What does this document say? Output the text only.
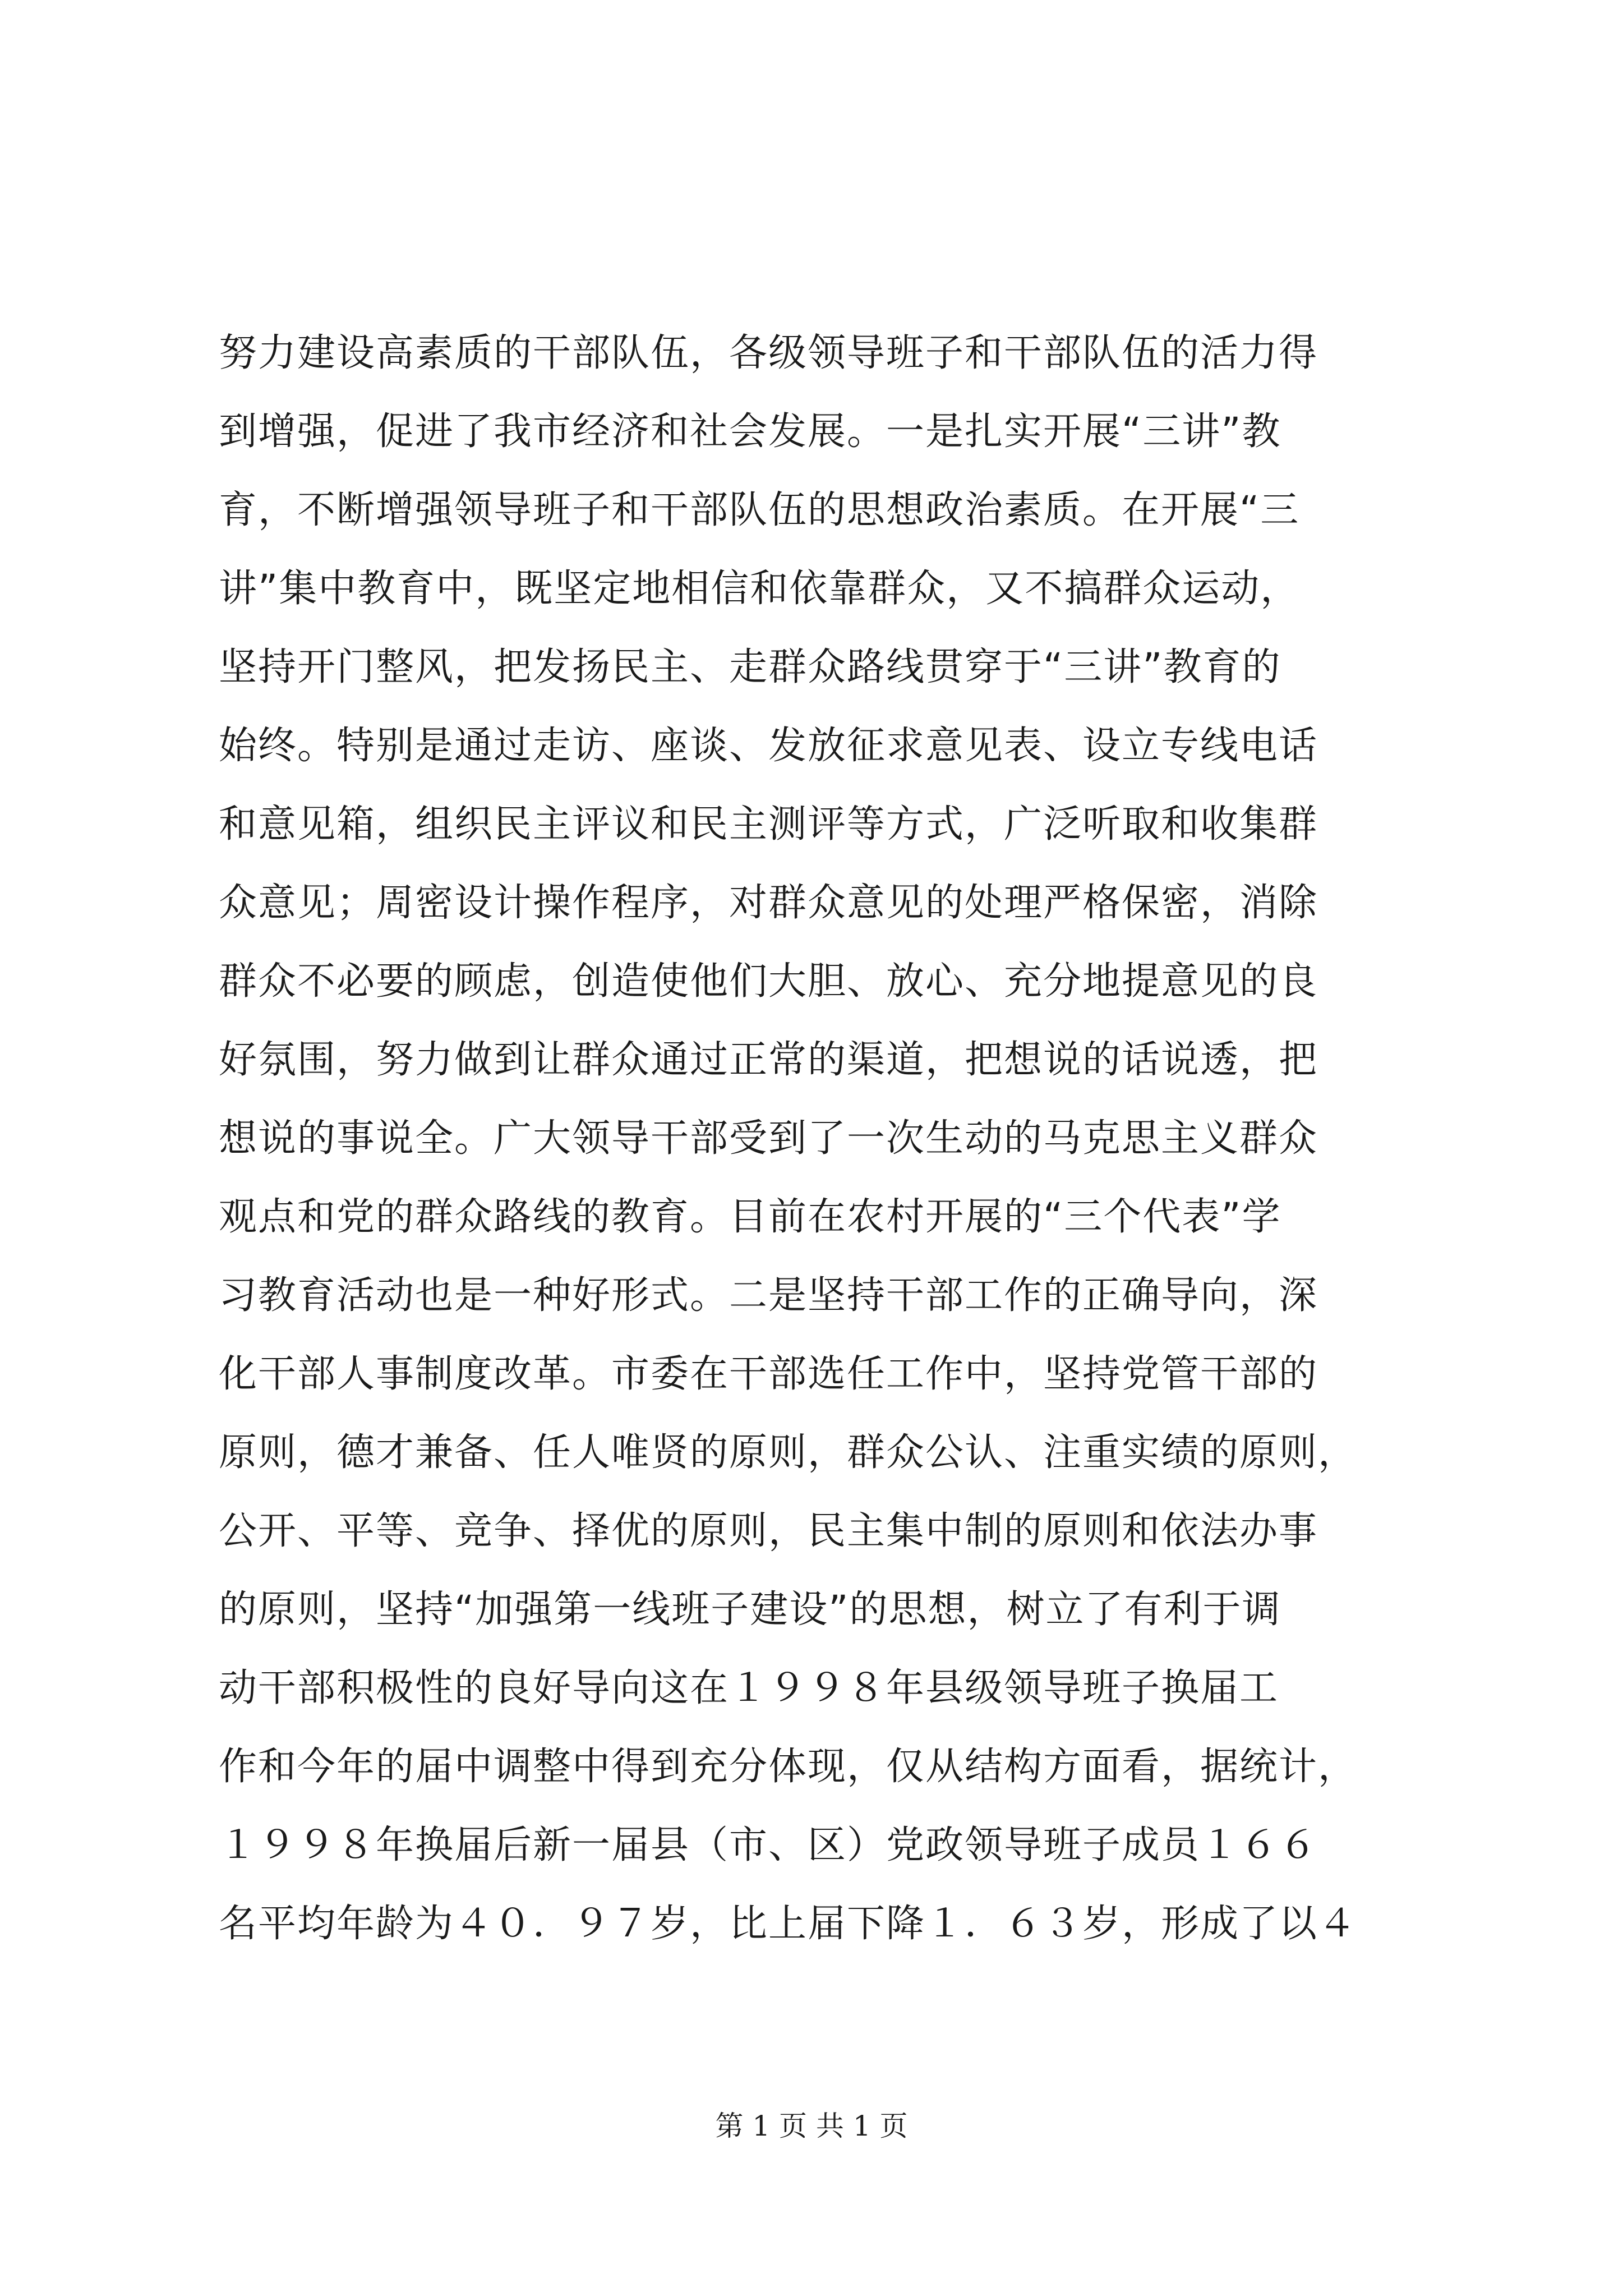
努力建设高素质的干部队伍，各级领导班子和干部队伍的活力得
到增强，促进了我市经济和社会发展。一是扎实开展“三讲”教
育，不断增强领导班子和干部队伍的思想政治素质。在开展“三
讲”集中教育中，既坚定地相信和依靠群众，又不搞群众运动，
坚持开门整风，把发扬民主、走群众路线贯穿于“三讲”教育的
始终。特别是通过走访、座谈、发放征求意见表、设立专线电话
和意见箱，组织民主评议和民主测评等方式，广泛听取和收集群
众意见；周密设计操作程序，对群众意见的处理严格保密，消除
群众不必要的顾虑，创造使他们大胆、放心、充分地提意见的良
好氛围，努力做到让群众通过正常的渠道，把想说的话说透，把
想说的事说全。广大领导干部受到了一次生动的马克思主义群众
观点和党的群众路线的教育。目前在农村开展的“三个代表”学
习教育活动也是一种好形式。二是坚持干部工作的正确导向，深
化干部人事制度改革。市委在干部选任工作中，坚持党管干部的
原则，德才兼备、任人唯贤的原则，群众公认、注重实绩的原则，
公开、平等、竞争、择优的原则，民主集中制的原则和依法办事
的原则，坚持“加强第一线班子建设”的思想，树立了有利于调
动干部积极性的良好导向这在１９９８年县级领导班子换届工
作和今年的届中调整中得到充分体现，仅从结构方面看，据统计，
１９９８年换届后新一届县（市、区）党政领导班子成员１６６
名平均年龄为４０．９７岁，比上届下降１．６３岁，形成了以４
第 1 页 共 1 页
